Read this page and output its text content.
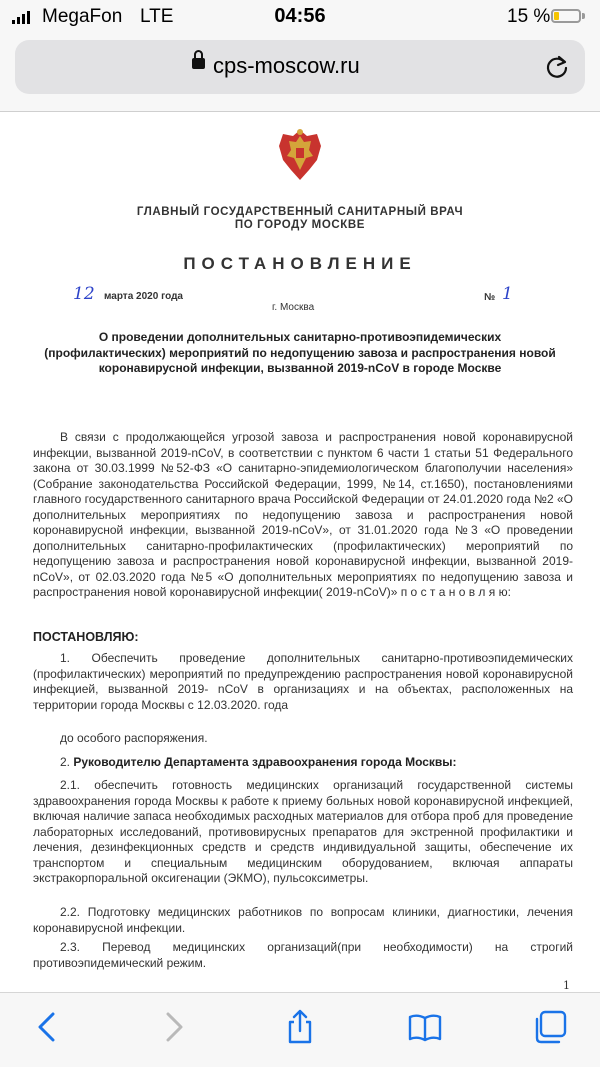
MegaFon LTE	04:56	15 %
cps-moscow.ru
ГЛАВНЫЙ ГОСУДАРСТВЕННЫЙ САНИТАРНЫЙ ВРАЧ
ПО ГОРОДУ МОСКВЕ
ПОСТАНОВЛЕНИЕ
12 марта 2020 года
г. Москва
№ 1
О проведении дополнительных санитарно-противоэпидемических (профилактических) мероприятий по недопущению завоза и распространения новой коронавирусной инфекции, вызванной 2019-nCoV в городе Москве
В связи с продолжающейся угрозой завоза и распространения новой коронавирусной инфекции, вызванной 2019-nCoV, в соответствии с пунктом 6 части 1 статьи 51 Федерального закона от 30.03.1999 №52-ФЗ «О санитарно-эпидемиологическом благополучии населения» (Собрание законодательства Российской Федерации, 1999, №14, ст.1650), постановлениями главного государственного санитарного врача Российской Федерации от 24.01.2020 года №2 «О дополнительных мероприятиях по недопущению завоза и распространения новой коронавирусной инфекции, вызванной 2019-nCoV», от 31.01.2020 года №3 «О проведении дополнительных санитарно-профилактических (профилактических) мероприятий по недопущению завоза и распространения новой коронавирусной инфекции, вызванной 2019-nCoV», от 02.03.2020 года №5 «О дополнительных мероприятиях по недопущению завоза и распространения новой коронавирусной инфекции( 2019-nCoV)» п о с т а н о в л я ю:
ПОСТАНОВЛЯЮ:
1. Обеспечить проведение дополнительных санитарно-противоэпидемических (профилактических) мероприятий по предупреждению распространения новой коронавирусной инфекцией, вызванной 2019- nCoV в организациях и на объектах, расположенных на территории города Москвы с 12.03.2020. года
до особого распоряжения.
2. Руководителю Департамента здравоохранения города Москвы:
2.1. обеспечить готовность медицинских организаций государственной системы здравоохранения города Москвы к работе к приему больных новой коронавирусной инфекцией, включая наличие запаса необходимых расходных материалов для отбора проб для проведение лабораторных исследований, противовирусных препаратов для экстренной профилактики и лечения, дезинфекционных средств и средств индивидуальной защиты, обеспечение их транспортом и специальным медицинским оборудованием, включая аппараты экстракорпоральной оксигенации (ЭКМО), пульсоксиметры.
2.2. Подготовку медицинских работников по вопросам клиники, диагностики, лечения коронавирусной инфекции.
2.3. Перевод медицинских организаций(при необходимости) на строгий противоэпидемический режим.
1
